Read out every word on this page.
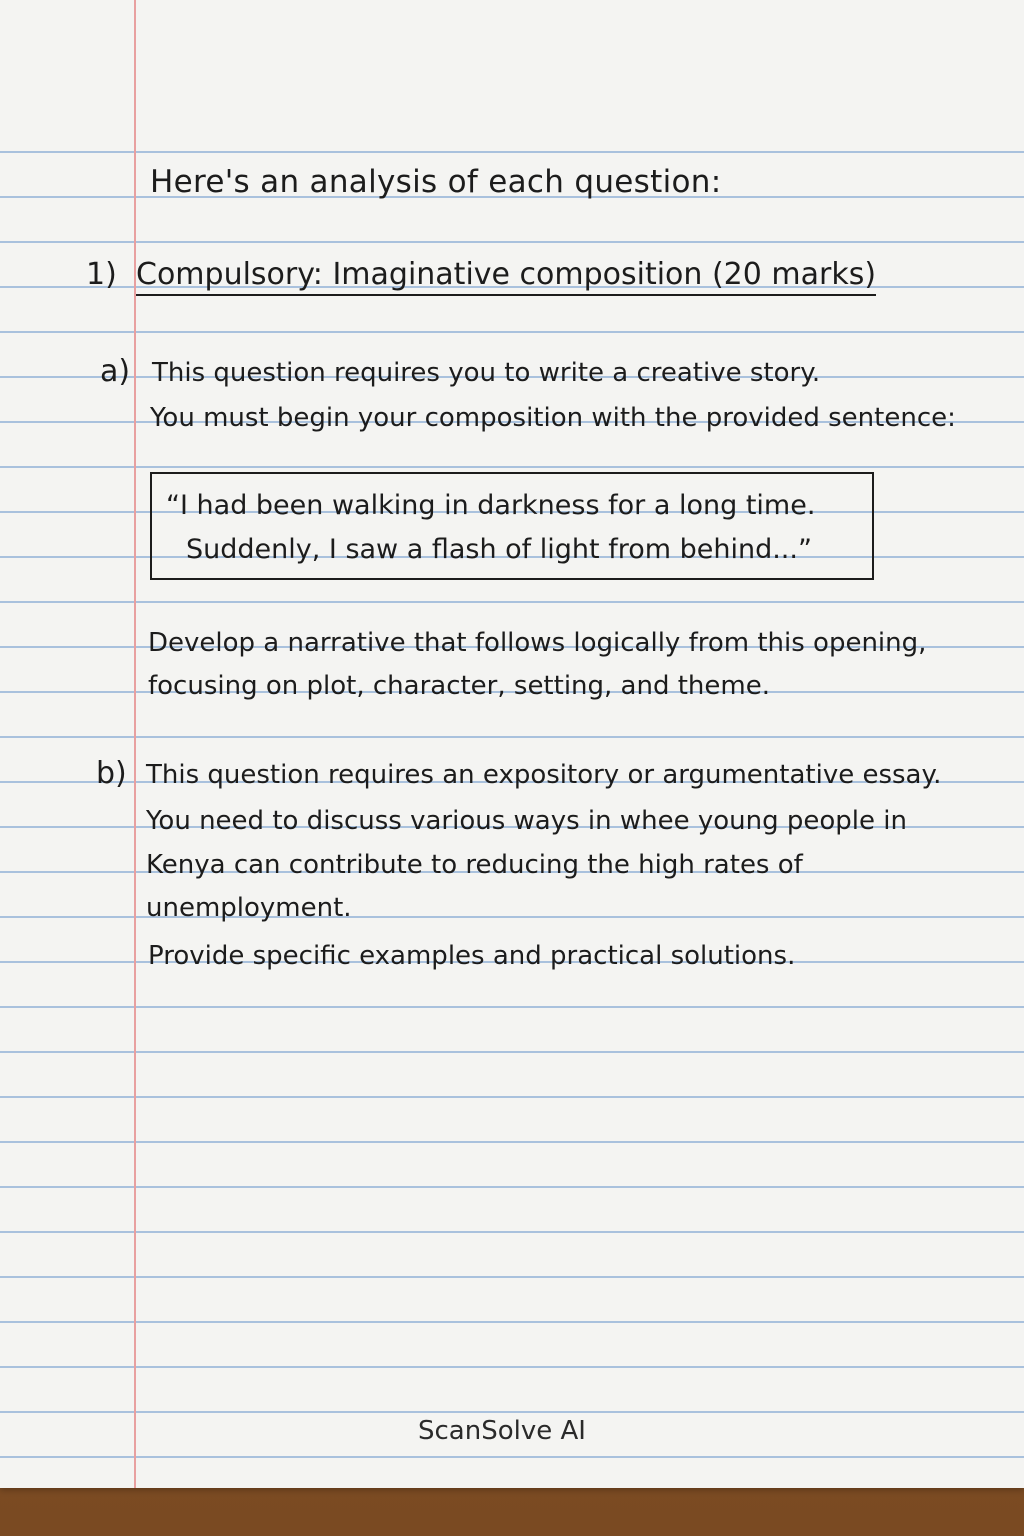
Here's an analysis of each question:
1) Compulsory: Imaginative composition (20 marks)
a) This question requires you to write a creative story.
You must begin your composition with the provided sentence:
“I had been walking in darkness for a long time.
Suddenly, I saw a flash of light from behind...”
Develop a narrative that follows logically from this opening,
focusing on plot, character, setting, and theme.
b) This question requires an expository or argumentative essay.
You need to discuss various ways in whee young people in
Kenya can contribute to reducing the high rates of
unemployment.
Provide specific examples and practical solutions.
ScanSolve AI
